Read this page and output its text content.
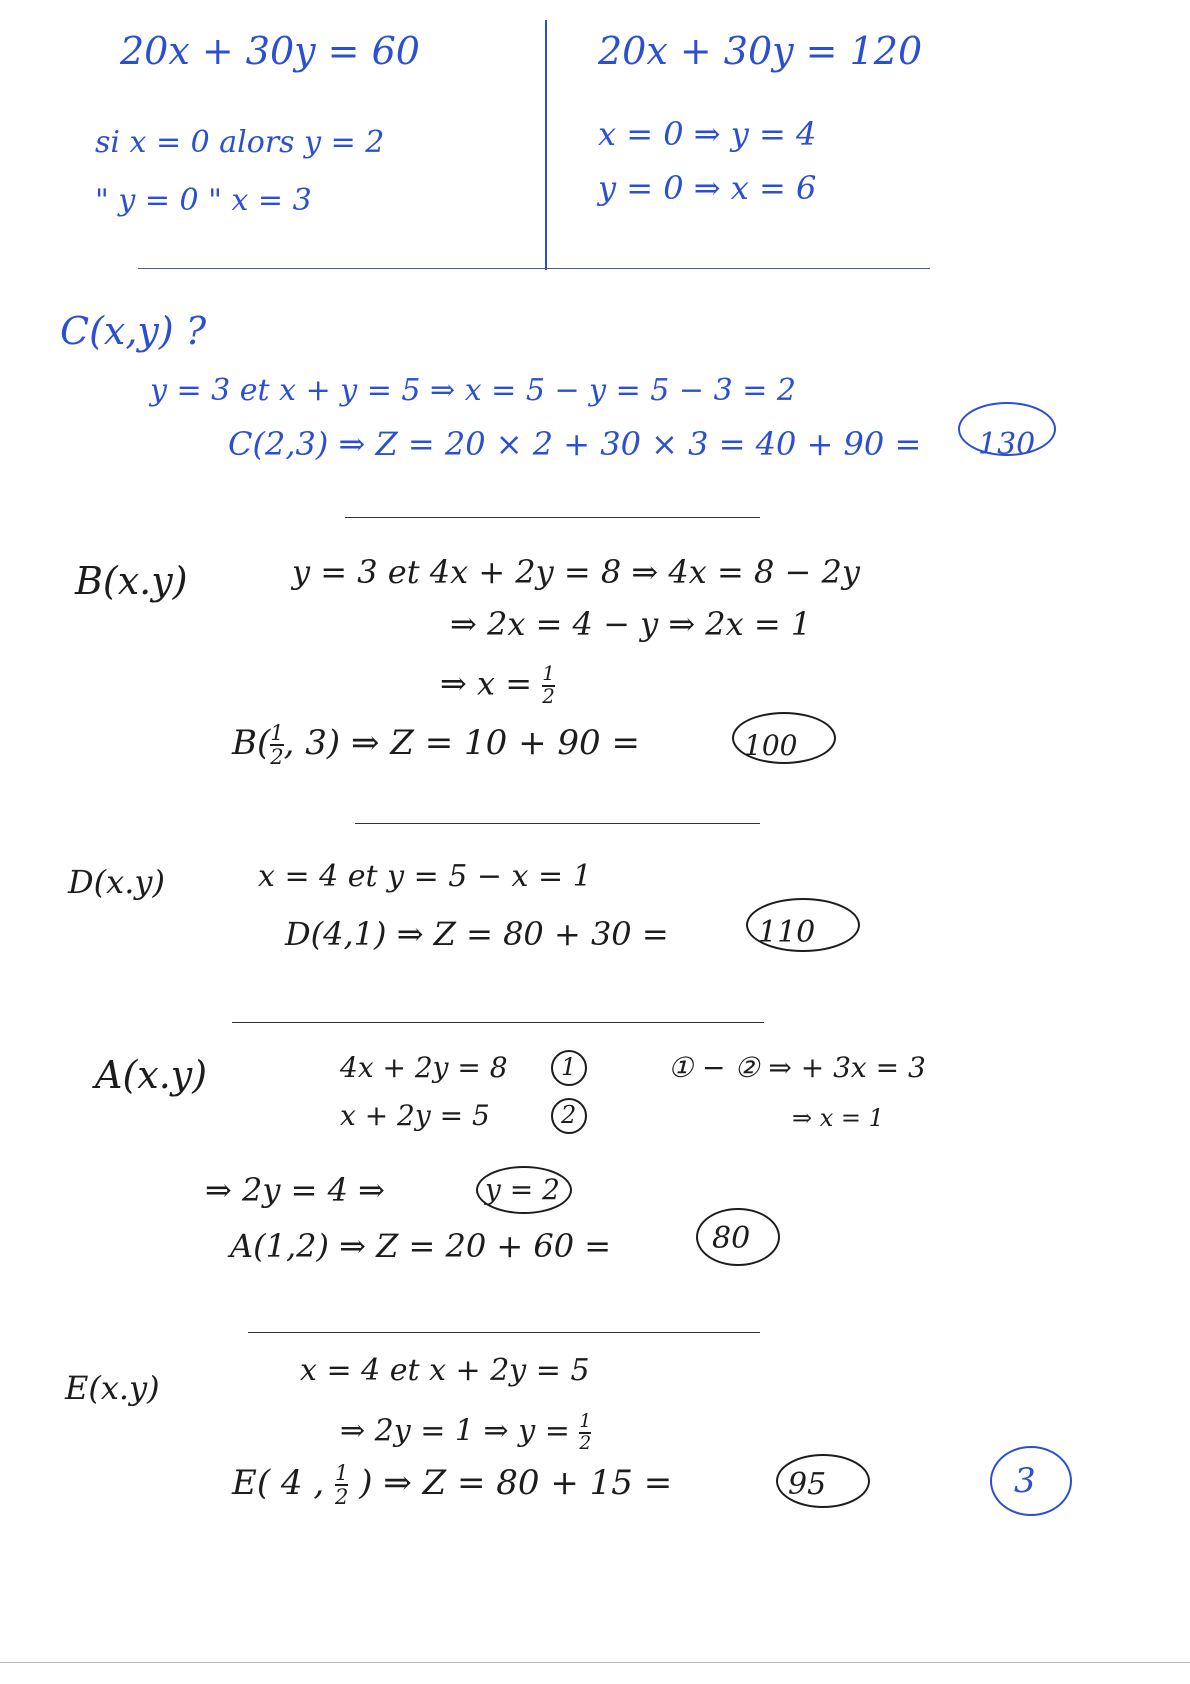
20x + 30y = 60
si x = 0 alors y = 2
" y = 0 " x = 3
20x + 30y = 120
x = 0 ⇒ y = 4
y = 0 ⇒ x = 6
C(x,y) ?
y = 3 et x + y = 5 ⇒ x = 5 − y = 5 − 3 = 2
C(2,3) ⇒ Z = 20 × 2 + 30 × 3 = 40 + 90 = 130
B(x.y)	y = 3 et 4x + 2y = 8 ⇒ 4x = 8 − 2y
⇒ 2x = 4 − y ⇒ 2x = 1
⇒ $x = \frac{1}{2}$
$B( \frac{1}{2}$ , 3) ⇒ Z = 10 + 90 =	100
D(x.y)	x = 4 et y = 5 − x = 1
D(4,1) ⇒ Z = 80 + 30 =	110
A(x.y)	4x + 2y = 8 1
x + 2y = 5	2
① − ② ⇒ + 3x = 3
⇒ x = 1
⇒ 2y = 4 ⇒	y = 2
A(1,2) ⇒ Z = 20 + 60 =	80
E(x.y)	x = 4 et x + 2y = 5
⇒ 2y = 1 ⇒ $y = \frac{1}{2}$
E( 4 , $\frac{1}{2}$ ) ⇒ Z = 80 + 15 =	95	3
